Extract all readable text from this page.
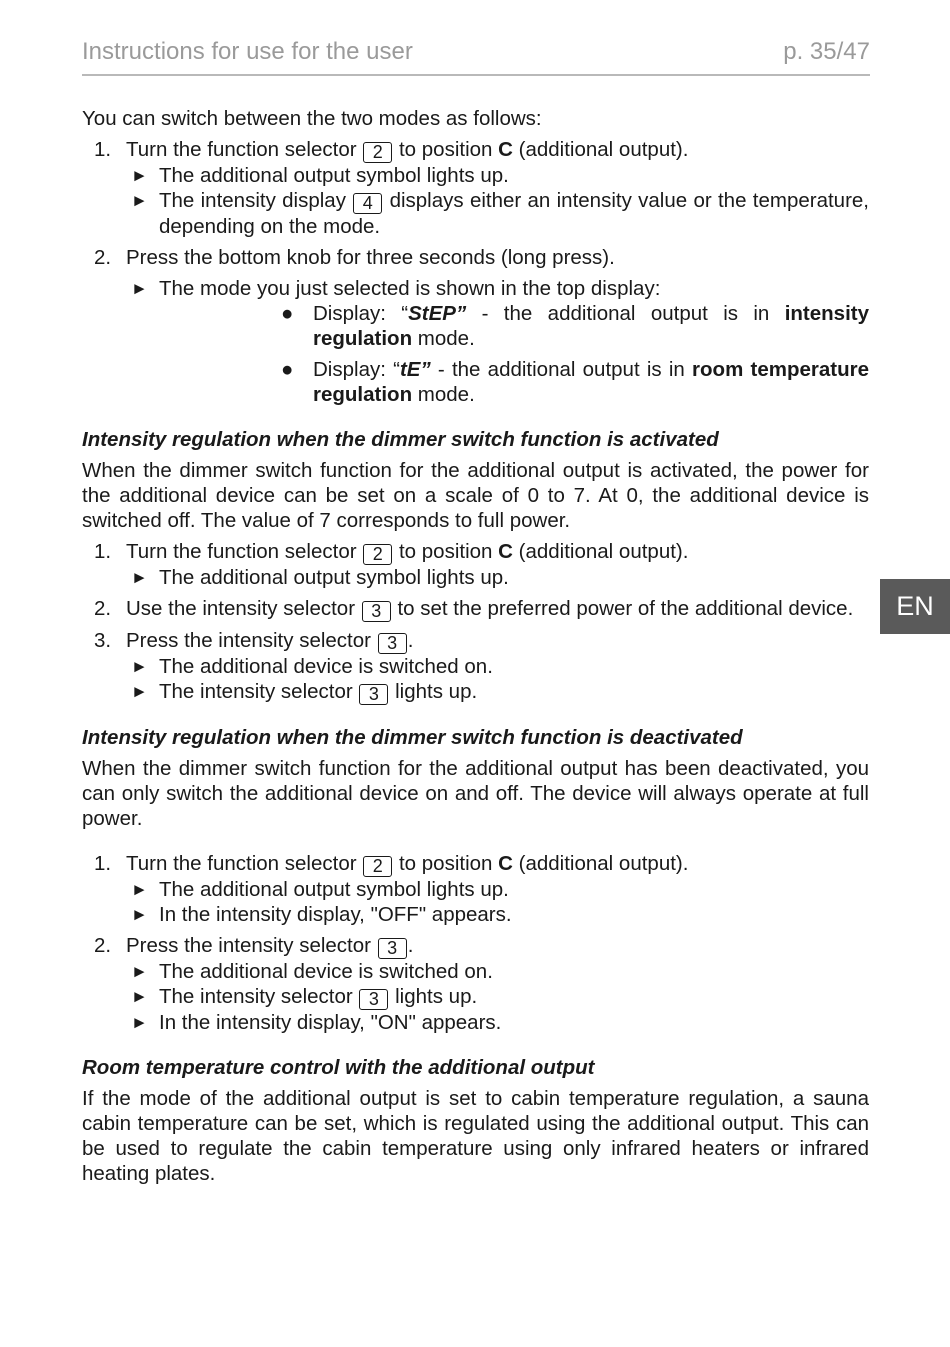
Instructions for use for the user	p. 35/47
EN

You can switch between the two modes as follows:

1. Turn the function selector 2 to position C (additional output).
► The additional output symbol lights up.
► The intensity display 4 displays either an intensity value or the temperature, depending on the mode.
2. Press the bottom knob for three seconds (long press).
► The mode you just selected is shown in the top display:
● Display: “StEP” - the additional output is in intensity regulation mode.
● Display: “tE” - the additional output is in room temperature regulation mode.

Intensity regulation when the dimmer switch function is activated

When the dimmer switch function for the additional output is activated, the power for the additional device can be set on a scale of 0 to 7. At 0, the additional device is switched off. The value of 7 corresponds to full power.

1. Turn the function selector 2 to position C (additional output).
► The additional output symbol lights up.
2. Use the intensity selector 3 to set the preferred power of the additional device.
3. Press the intensity selector 3 .
► The additional device is switched on.
► The intensity selector 3 lights up.

Intensity regulation when the dimmer switch function is deactivated

When the dimmer switch function for the additional output has been deactivated, you can only switch the additional device on and off. The device will always operate at full power.

1. Turn the function selector 2 to position C (additional output).
► The additional output symbol lights up.
► In the intensity display, "OFF" appears.
2. Press the intensity selector 3 .
► The additional device is switched on.
► The intensity selector 3 lights up.
► In the intensity display, "ON" appears.

Room temperature control with the additional output

If the mode of the additional output is set to cabin temperature regulation, a sauna cabin temperature can be set, which is regulated using the additional output. This can be used to regulate the cabin temperature using only infrared heaters or infrared heating plates.
